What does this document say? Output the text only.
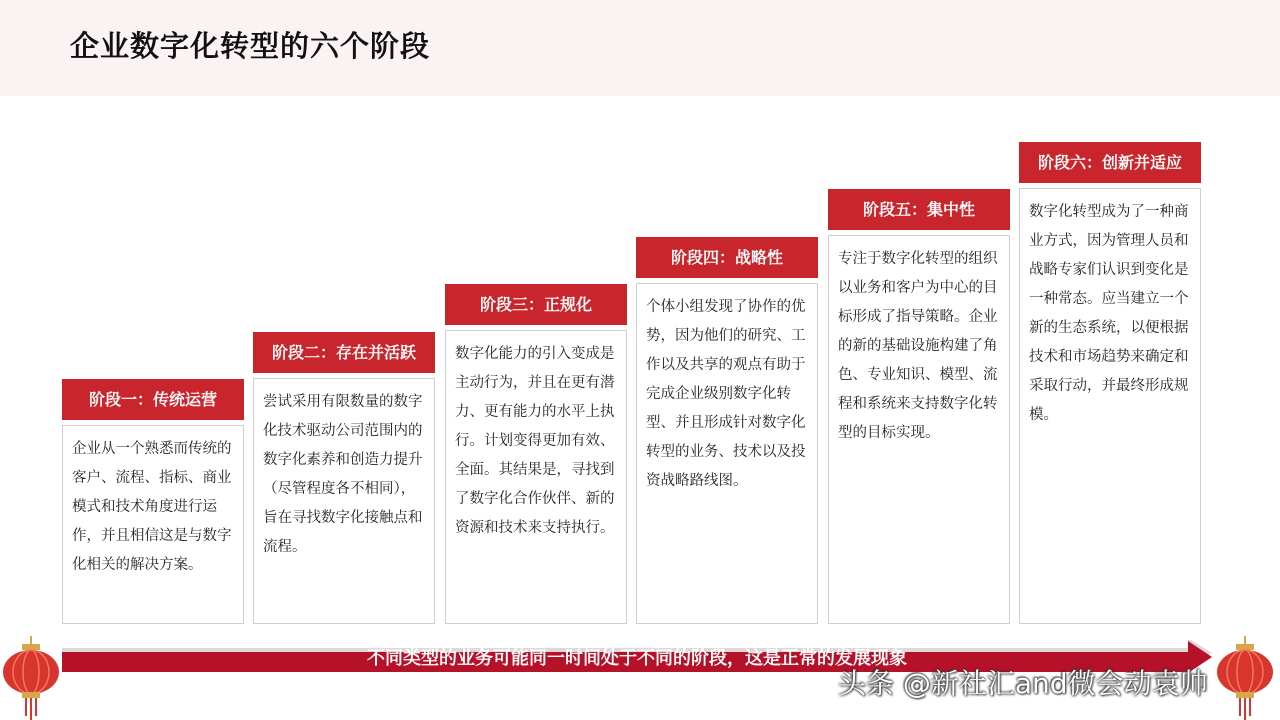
企业数字化转型的六个阶段
阶段一：传统运营
企业从一个熟悉而传统的客户、流程、指标、商业模式和技术角度进行运作，并且相信这是与数字化相关的解决方案。
阶段二：存在并活跃
尝试采用有限数量的数字化技术驱动公司范围内的数字化素养和创造力提升（尽管程度各不相同），旨在寻找数字化接触点和流程。
阶段三：正规化
数字化能力的引入变成是主动行为，并且在更有潜力、更有能力的水平上执行。计划变得更加有效、全面。其结果是，寻找到了数字化合作伙伴、新的资源和技术来支持执行。
阶段四：战略性
个体小组发现了协作的优势，因为他们的研究、工作以及共享的观点有助于完成企业级别数字化转型、并且形成针对数字化转型的业务、技术以及投资战略路线图。
阶段五：集中性
专注于数字化转型的组织以业务和客户为中心的目标形成了指导策略。企业的新的基础设施构建了角色、专业知识、模型、流程和系统来支持数字化转型的目标实现。
阶段六：创新并适应
数字化转型成为了一种商业方式，因为管理人员和战略专家们认识到变化是一种常态。应当建立一个新的生态系统，以便根据技术和市场趋势来确定和采取行动，并最终形成规模。
不同类型的业务可能同一时间处于不同的阶段，这是正常的发展现象
头条 @新社汇and微会动袁帅
